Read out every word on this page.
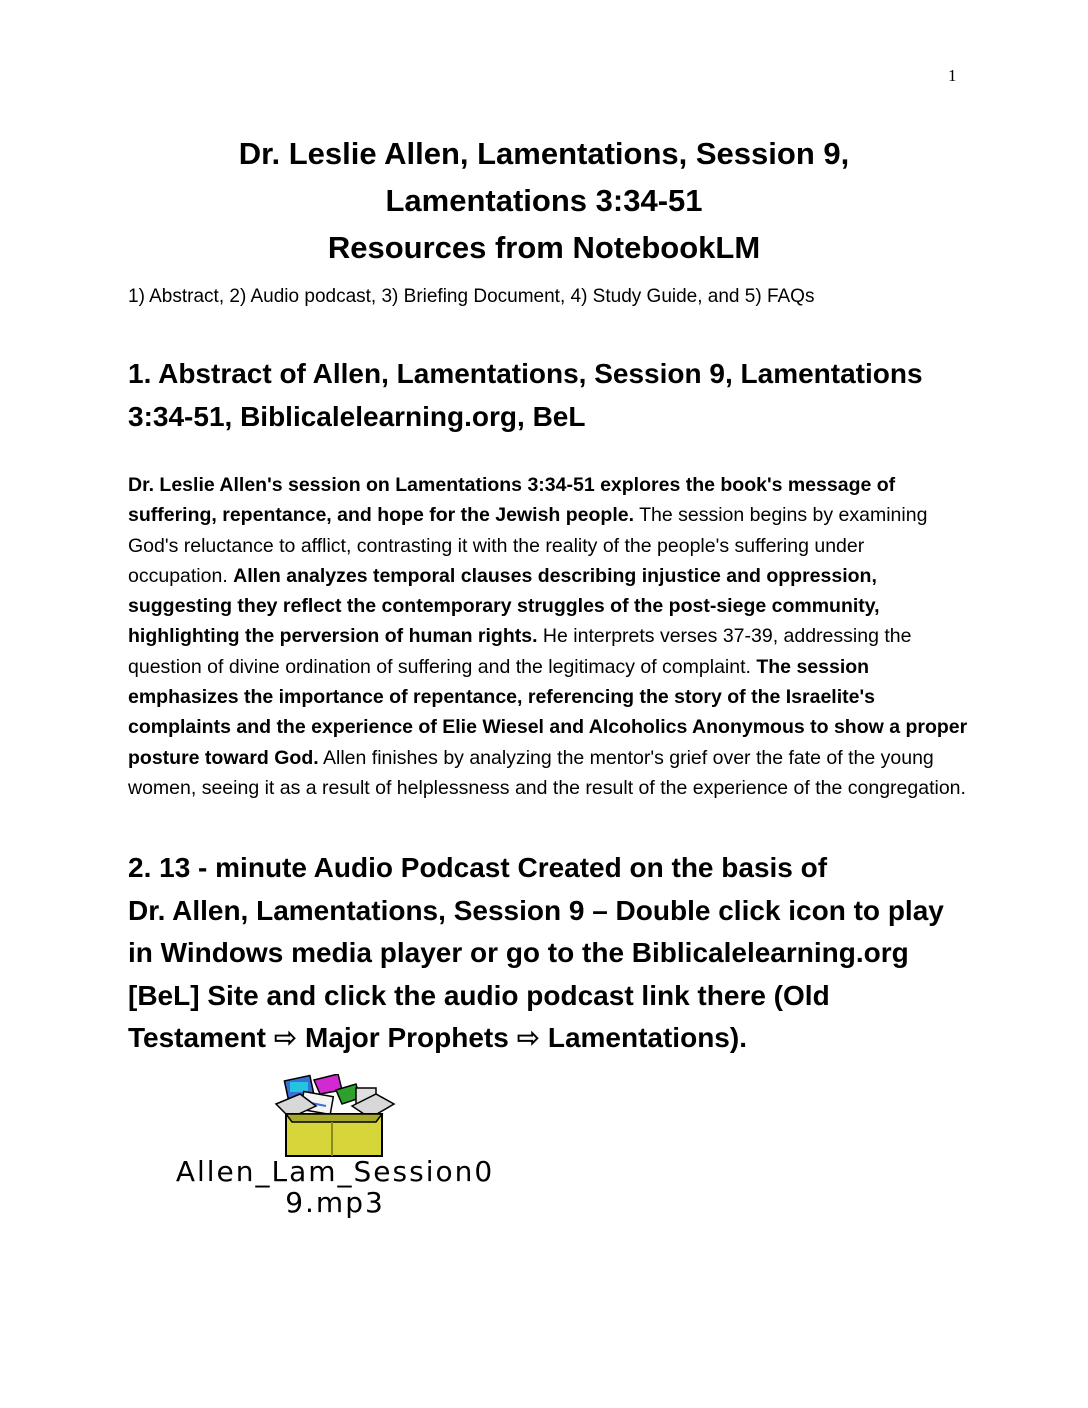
1
Dr. Leslie Allen, Lamentations, Session 9,
Lamentations 3:34-51
Resources from NotebookLM
1) Abstract, 2) Audio podcast, 3) Briefing Document, 4) Study Guide, and 5) FAQs
1. Abstract of Allen, Lamentations, Session 9, Lamentations
3:34-51, Biblicalelearning.org, BeL
Dr. Leslie Allen's session on Lamentations 3:34-51 explores the book's message of suffering, repentance, and hope for the Jewish people. The session begins by examining God's reluctance to afflict, contrasting it with the reality of the people's suffering under occupation. Allen analyzes temporal clauses describing injustice and oppression, suggesting they reflect the contemporary struggles of the post-siege community, highlighting the perversion of human rights. He interprets verses 37-39, addressing the question of divine ordination of suffering and the legitimacy of complaint. The session emphasizes the importance of repentance, referencing the story of the Israelite's complaints and the experience of Elie Wiesel and Alcoholics Anonymous to show a proper posture toward God. Allen finishes by analyzing the mentor's grief over the fate of the young women, seeing it as a result of helplessness and the result of the experience of the congregation.
2. 13 - minute Audio Podcast Created on the basis of
Dr. Allen, Lamentations, Session 9 – Double click icon to play
in Windows media player or go to the Biblicalelearning.org
[BeL] Site and click the audio podcast link there (Old
Testament ⇨ Major Prophets ⇨ Lamentations).
Allen_Lam_Session0
9.mp3
